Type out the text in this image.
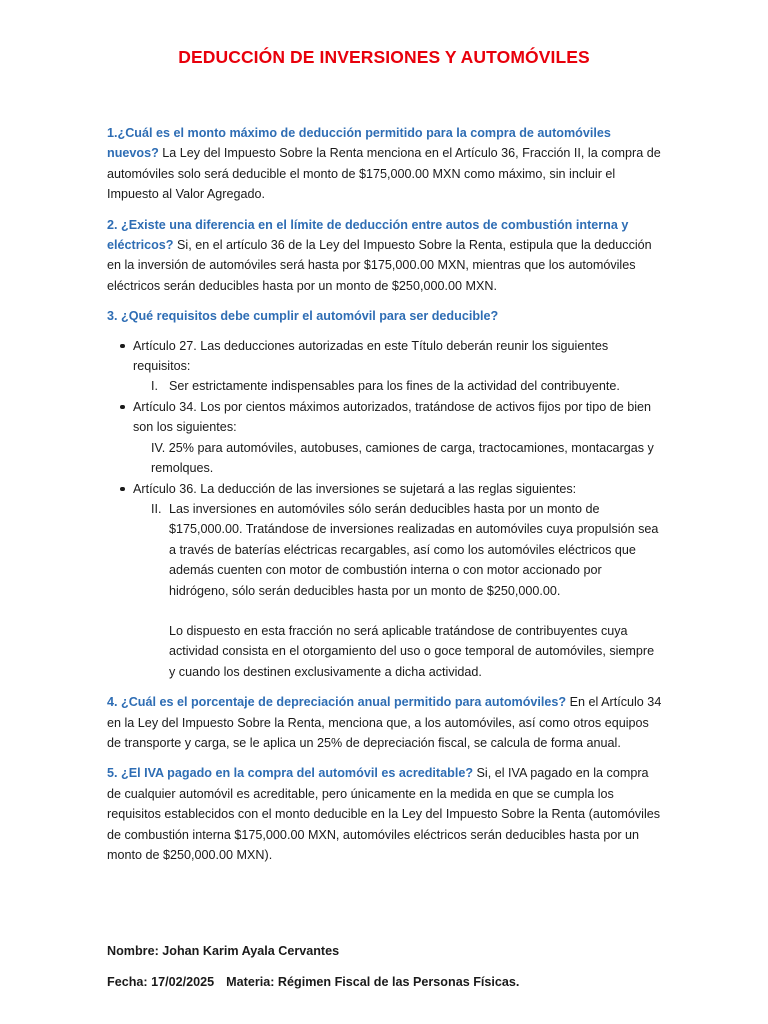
DEDUCCIÓN DE INVERSIONES Y AUTOMÓVILES

1.¿Cuál es el monto máximo de deducción permitido para la compra de automóviles nuevos? La Ley del Impuesto Sobre la Renta menciona en el Artículo 36, Fracción II, la compra de automóviles solo será deducible el monto de $175,000.00 MXN como máximo, sin incluir el Impuesto al Valor Agregado.

2. ¿Existe una diferencia en el límite de deducción entre autos de combustión interna y eléctricos? Si, en el artículo 36 de la Ley del Impuesto Sobre la Renta, estipula que la deducción en la inversión de automóviles será hasta por $175,000.00 MXN, mientras que los automóviles eléctricos serán deducibles hasta por un monto de $250,000.00 MXN.

3. ¿Qué requisitos debe cumplir el automóvil para ser deducible?

Artículo 27. Las deducciones autorizadas en este Título deberán reunir los siguientes requisitos:
I. Ser estrictamente indispensables para los fines de la actividad del contribuyente.
Artículo 34. Los por cientos máximos autorizados, tratándose de activos fijos por tipo de bien son los siguientes:
IV. 25% para automóviles, autobuses, camiones de carga, tractocamiones, montacargas y remolques.
Artículo 36. La deducción de las inversiones se sujetará a las reglas siguientes:
II. Las inversiones en automóviles sólo serán deducibles hasta por un monto de $175,000.00. Tratándose de inversiones realizadas en automóviles cuya propulsión sea a través de baterías eléctricas recargables, así como los automóviles eléctricos que además cuenten con motor de combustión interna o con motor accionado por hidrógeno, sólo serán deducibles hasta por un monto de $250,000.00.
Lo dispuesto en esta fracción no será aplicable tratándose de contribuyentes cuya actividad consista en el otorgamiento del uso o goce temporal de automóviles, siempre y cuando los destinen exclusivamente a dicha actividad.

4. ¿Cuál es el porcentaje de depreciación anual permitido para automóviles? En el Artículo 34 en la Ley del Impuesto Sobre la Renta, menciona que, a los automóviles, así como otros equipos de transporte y carga, se le aplica un 25% de depreciación fiscal, se calcula de forma anual.

5. ¿El IVA pagado en la compra del automóvil es acreditable? Si, el IVA pagado en la compra de cualquier automóvil es acreditable, pero únicamente en la medida en que se cumpla los requisitos establecidos con el monto deducible en la Ley del Impuesto Sobre la Renta (automóviles de combustión interna $175,000.00 MXN, automóviles eléctricos serán deducibles hasta por un monto de $250,000.00 MXN).

Nombre: Johan Karim Ayala Cervantes
Fecha: 17/02/2025 Materia: Régimen Fiscal de las Personas Físicas.
